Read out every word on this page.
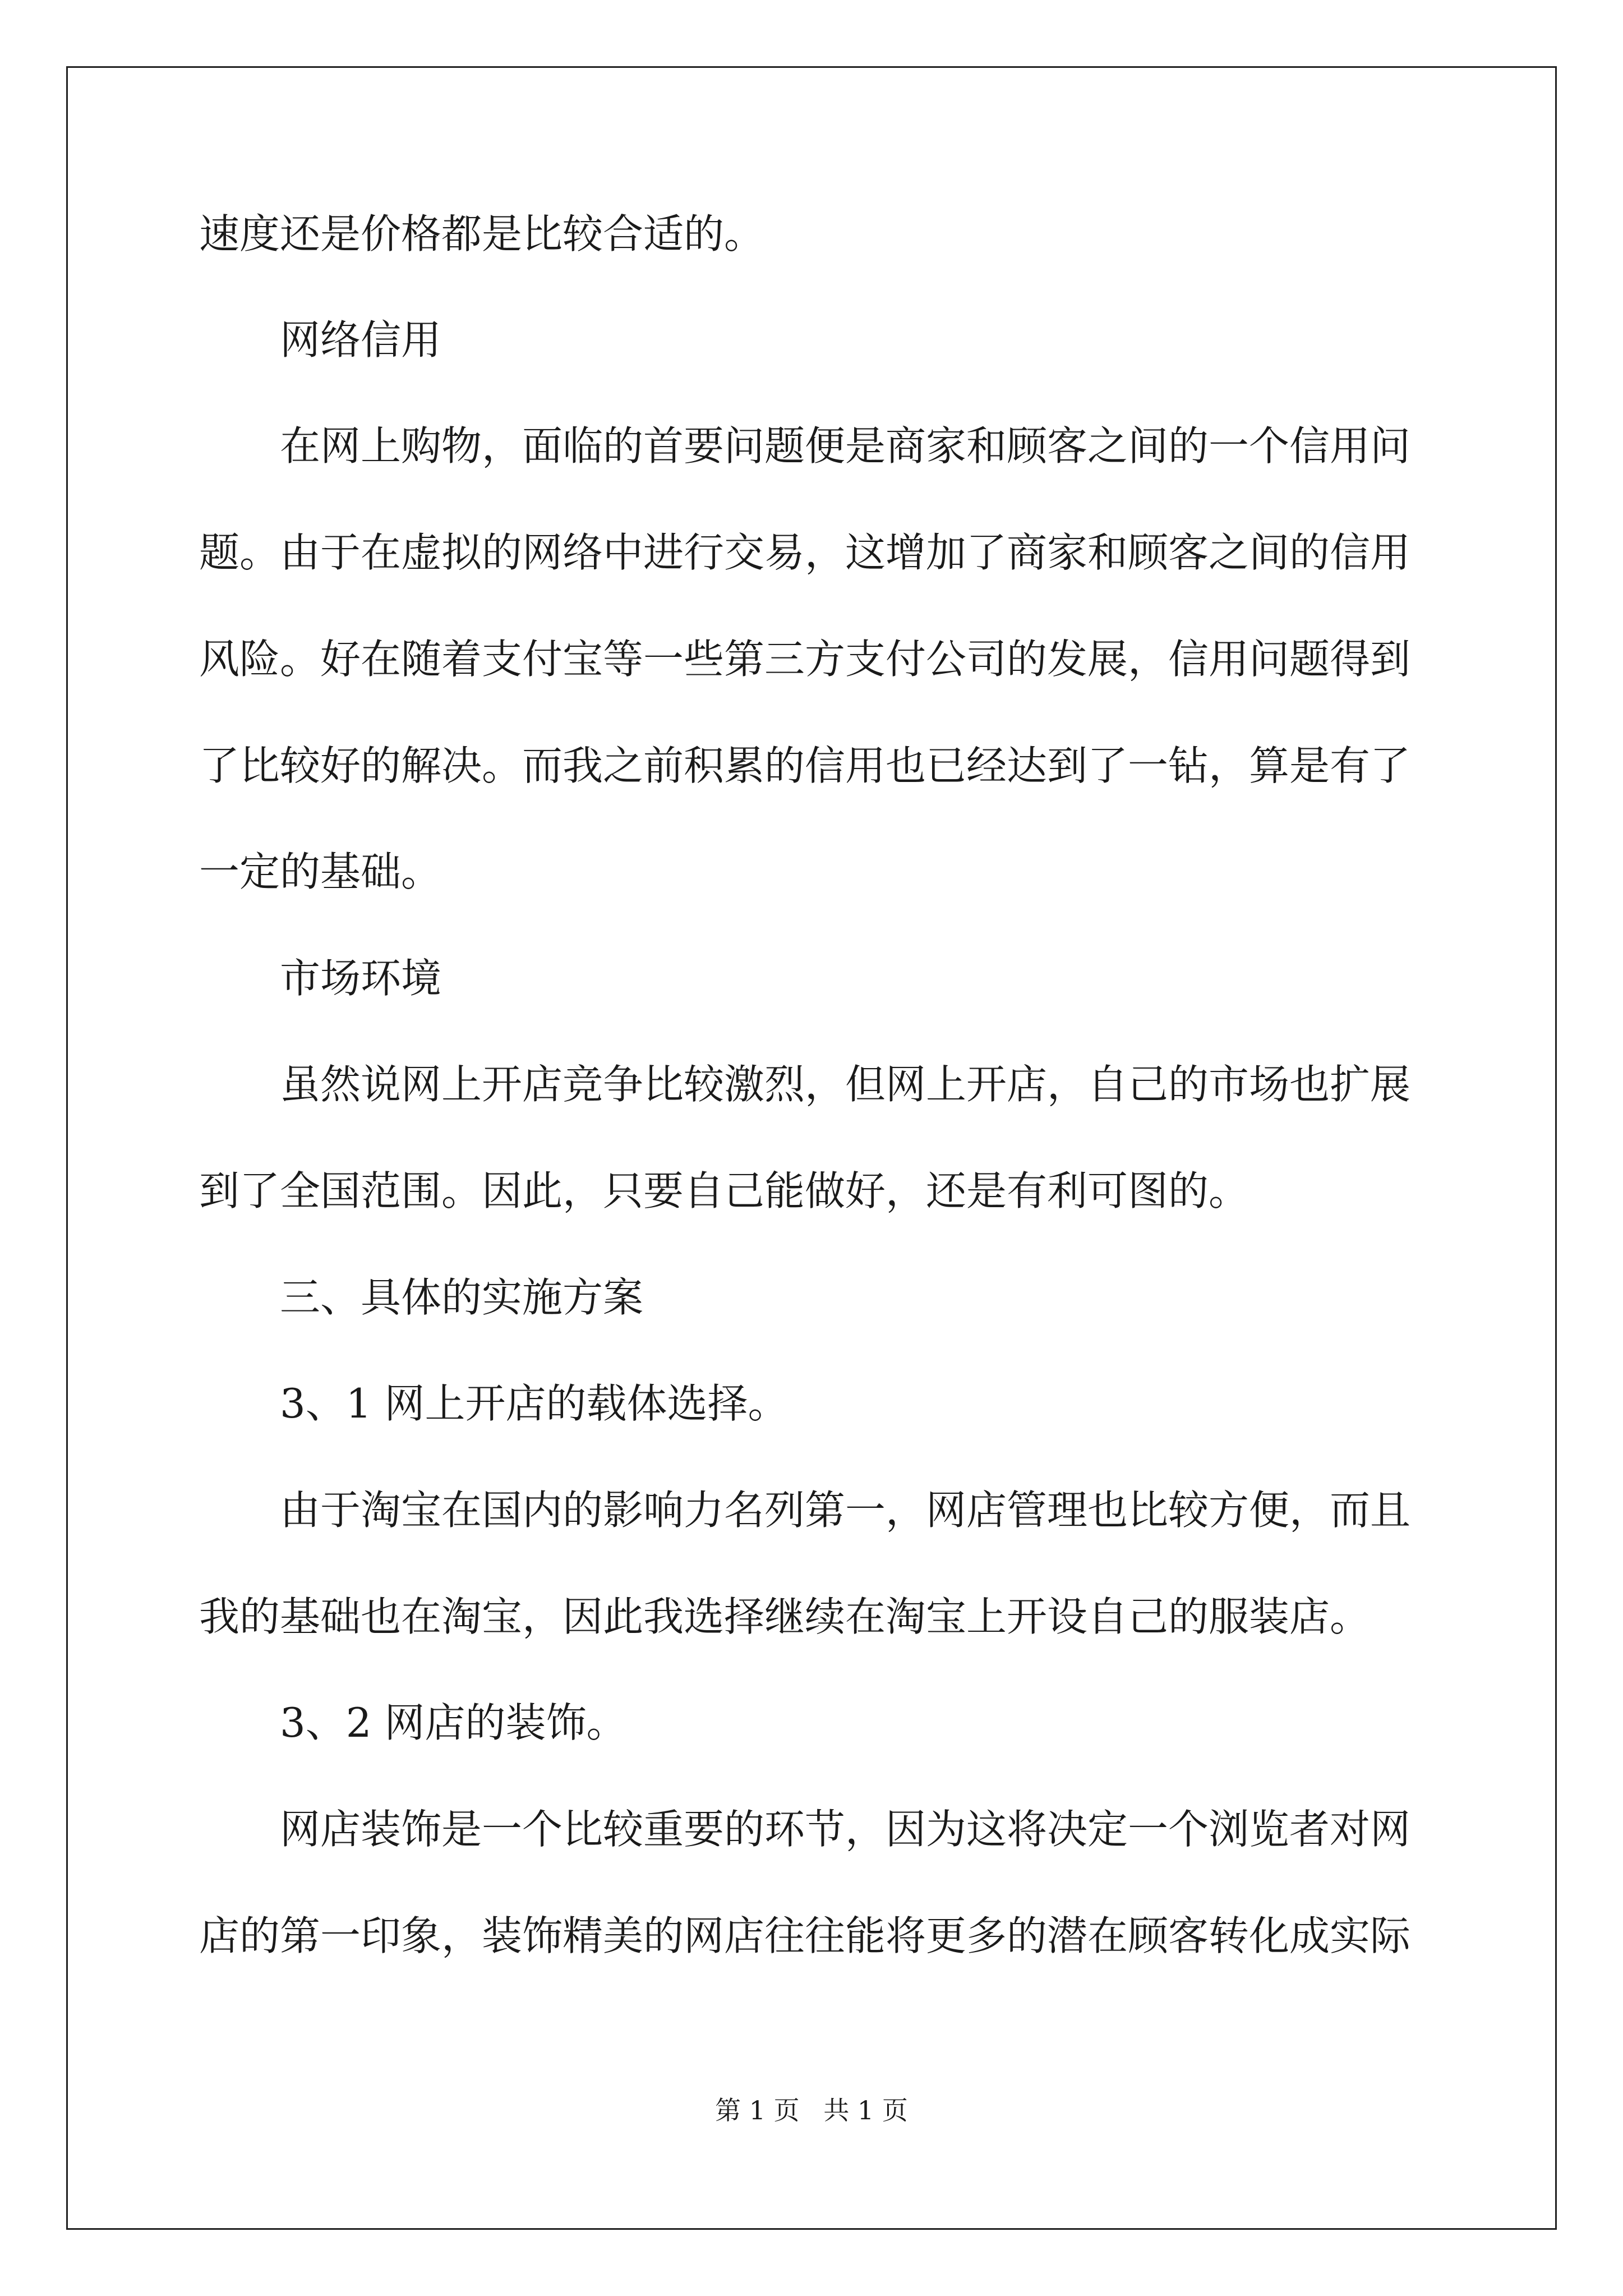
速度还是价格都是比较合适的。

网络信用

在网上购物，面临的首要问题便是商家和顾客之间的一个信用问

题。由于在虚拟的网络中进行交易，这增加了商家和顾客之间的信用

风险。好在随着支付宝等一些第三方支付公司的发展，信用问题得到

了比较好的解决。而我之前积累的信用也已经达到了一钻，算是有了

一定的基础。

市场环境

虽然说网上开店竞争比较激烈，但网上开店，自己的市场也扩展

到了全国范围。因此，只要自己能做好，还是有利可图的。

三、具体的实施方案

3、1 网上开店的载体选择。

由于淘宝在国内的影响力名列第一，网店管理也比较方便，而且

我的基础也在淘宝，因此我选择继续在淘宝上开设自己的服装店。

3、2 网店的装饰。

网店装饰是一个比较重要的环节，因为这将决定一个浏览者对网

店的第一印象，装饰精美的网店往往能将更多的潜在顾客转化成实际

第 1 页 共 1 页
